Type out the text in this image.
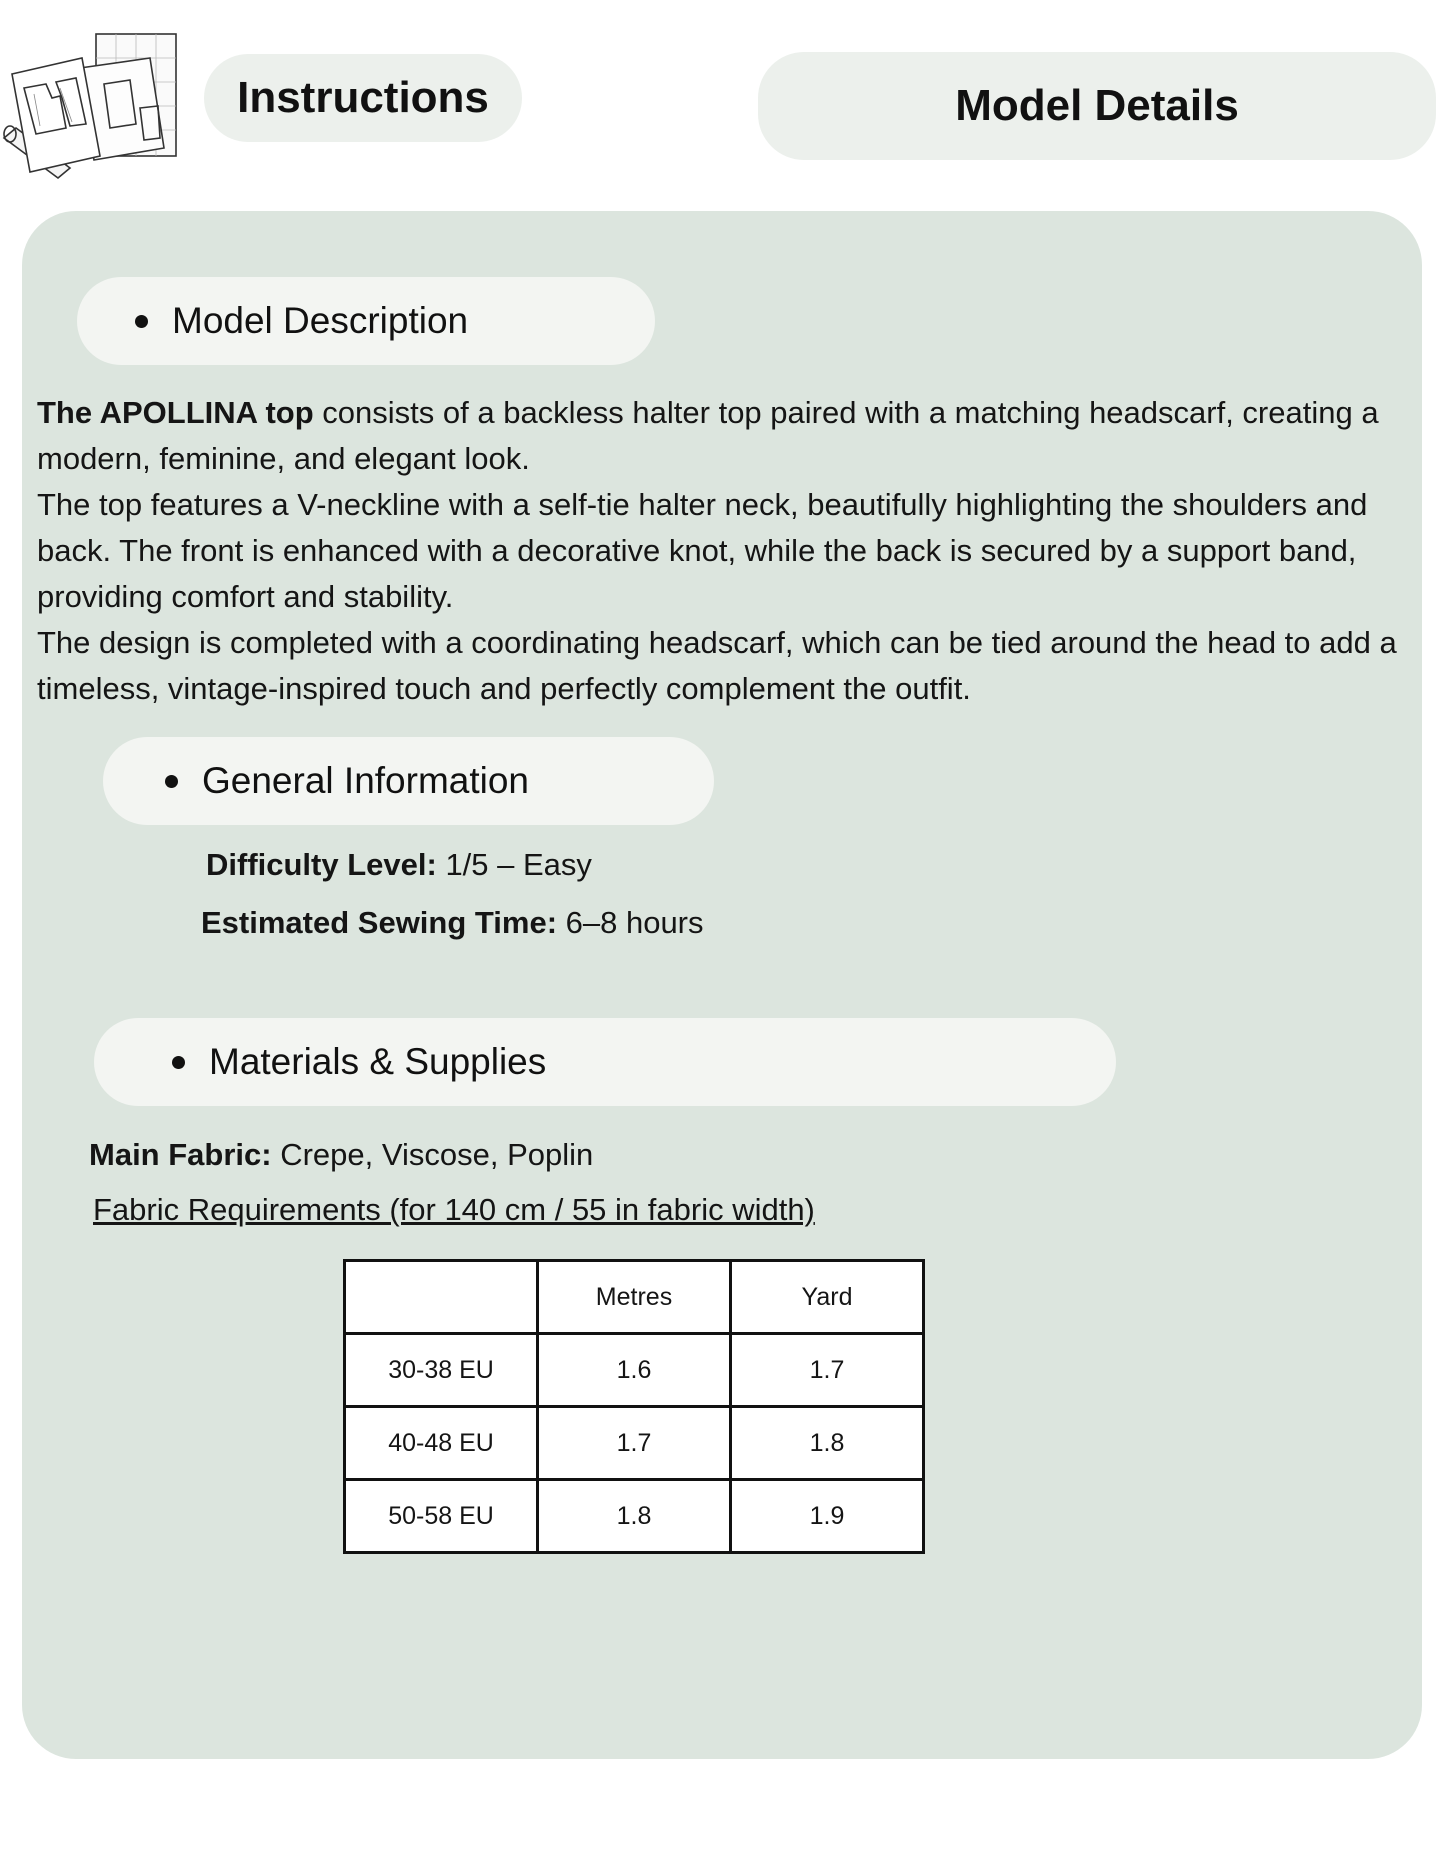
Instructions	Model Details
Model Description

The APOLLINA top consists of a backless halter top paired with a matching headscarf, creating a modern, feminine, and elegant look.

The top features a V-neckline with a self-tie halter neck, beautifully highlighting the shoulders and back. The front is enhanced with a decorative knot, while the back is secured by a support band, providing comfort and stability.

The design is completed with a coordinating headscarf, which can be tied around the head to add a timeless, vintage-inspired touch and perfectly complement the outfit.

General Information
Difficulty Level: 1/5 – Easy
Estimated Sewing Time: 6–8 hours
Materials & Supplies
Main Fabric: Crepe, Viscose, Poplin
Fabric Requirements (for 140 cm / 55 in fabric width)
	Metres	Yard
30-38 EU	1.6	1.7
40-48 EU	1.7	1.8
50-58 EU	1.8	1.9
